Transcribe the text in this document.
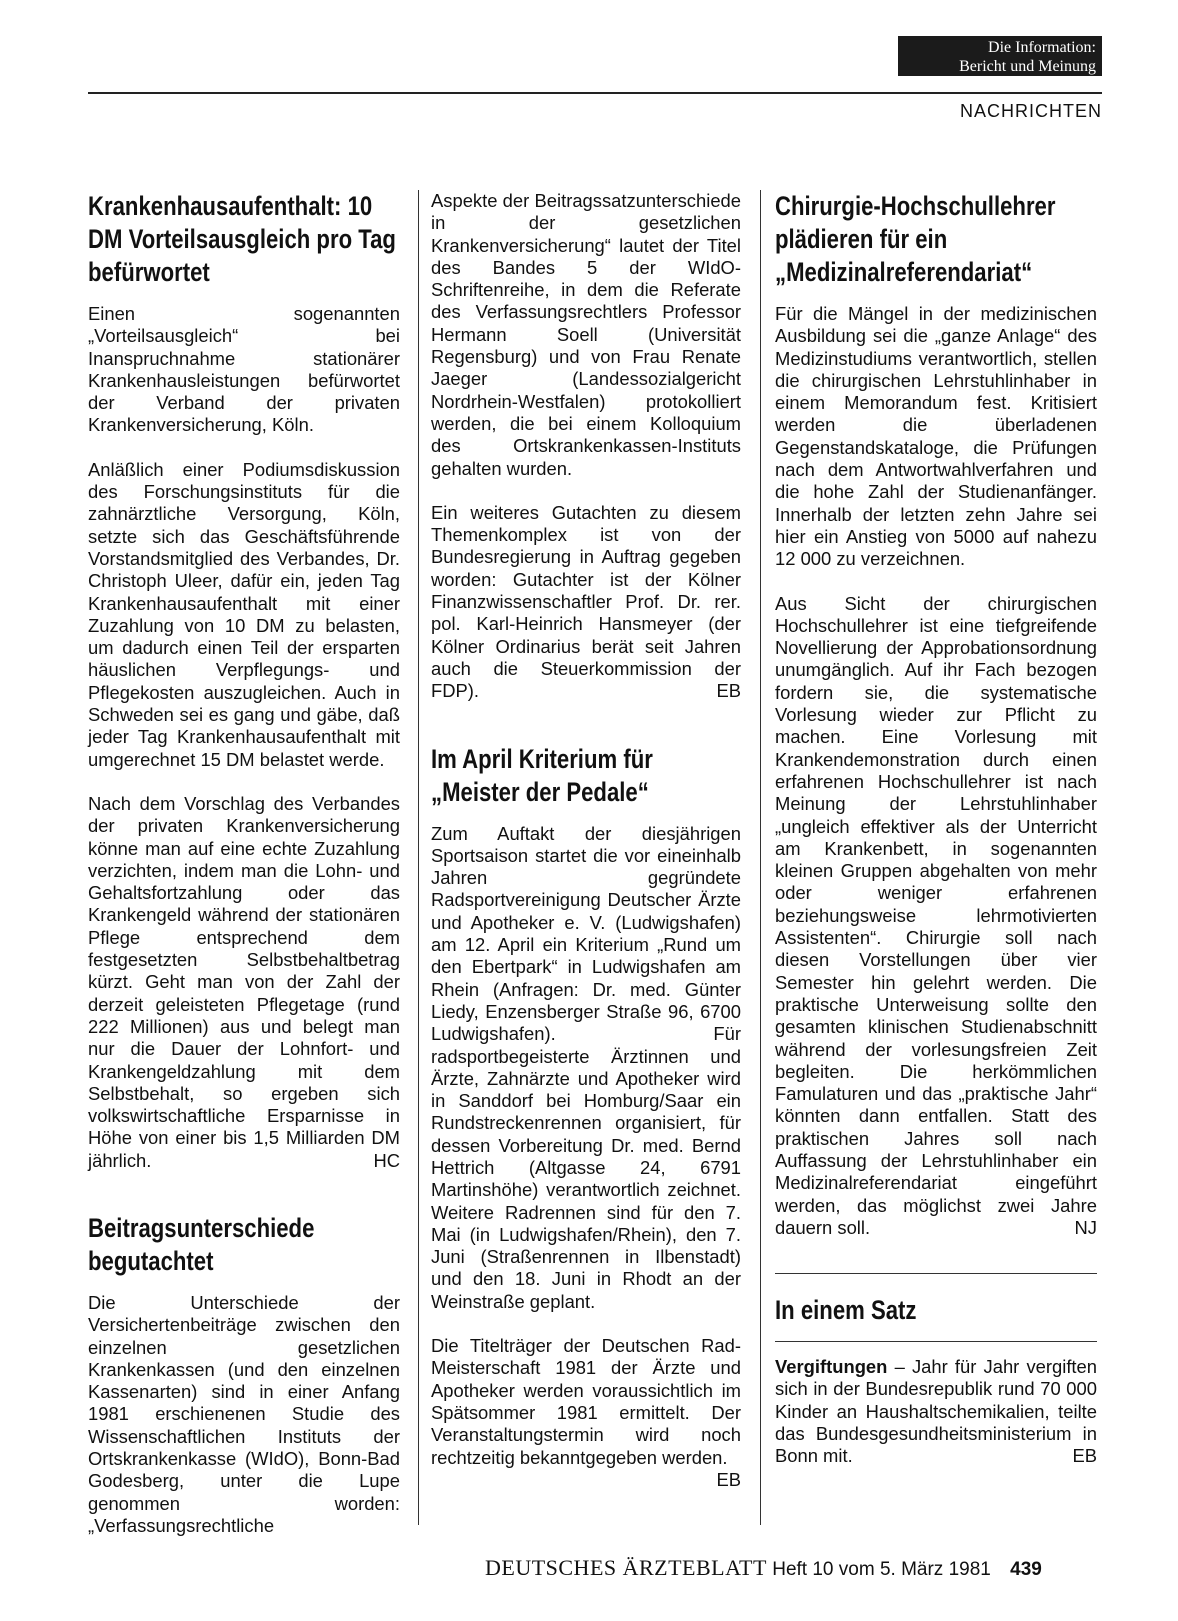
Die Information:
Bericht und Meinung
NACHRICHTEN
Krankenhausaufenthalt: 10 DM Vorteilsausgleich pro Tag befürwortet

Einen sogenannten „Vorteilsausgleich“ bei Inanspruchnahme stationärer Krankenhausleistungen befürwortet der Verband der privaten Krankenversicherung, Köln.

Anläßlich einer Podiumsdiskussion des Forschungsinstituts für die zahnärztliche Versorgung, Köln, setzte sich das Geschäftsführende Vorstandsmitglied des Verbandes, Dr. Christoph Uleer, dafür ein, jeden Tag Krankenhausaufenthalt mit einer Zuzahlung von 10 DM zu belasten, um dadurch einen Teil der ersparten häuslichen Verpflegungs- und Pflegekosten auszugleichen. Auch in Schweden sei es gang und gäbe, daß jeder Tag Krankenhausaufenthalt mit umgerechnet 15 DM belastet werde.

Nach dem Vorschlag des Verbandes der privaten Krankenversicherung könne man auf eine echte Zuzahlung verzichten, indem man die Lohn- und Gehaltsfortzahlung oder das Krankengeld während der stationären Pflege entsprechend dem festgesetzten Selbstbehaltbetrag kürzt. Geht man von der Zahl der derzeit geleisteten Pflegetage (rund 222 Millionen) aus und belegt man nur die Dauer der Lohnfort- und Krankengeldzahlung mit dem Selbstbehalt, so ergeben sich volkswirtschaftliche Ersparnisse in Höhe von einer bis 1,5 Milliarden DM jährlich.	HC

Beitragsunterschiede begutachtet

Die Unterschiede der Versichertenbeiträge zwischen den einzelnen gesetzlichen Krankenkassen (und den einzelnen Kassenarten) sind in einer Anfang 1981 erschienenen Studie des Wissenschaftlichen Instituts der Ortskrankenkasse (WIdO), Bonn-Bad Godesberg, unter die Lupe genommen worden: „Verfassungsrechtliche

Aspekte der Beitragssatzunterschiede in der gesetzlichen Krankenversicherung“ lautet der Titel des Bandes 5 der WIdO-Schriftenreihe, in dem die Referate des Verfassungsrechtlers Professor Hermann Soell (Universität Regensburg) und von Frau Renate Jaeger (Landessozialgericht Nordrhein-Westfalen) protokolliert werden, die bei einem Kolloquium des Ortskrankenkassen-Instituts gehalten wurden.

Ein weiteres Gutachten zu diesem Themenkomplex ist von der Bundesregierung in Auftrag gegeben worden: Gutachter ist der Kölner Finanzwissenschaftler Prof. Dr. rer. pol. Karl-Heinrich Hansmeyer (der Kölner Ordinarius berät seit Jahren auch die Steuerkommission der FDP).	EB

Im April Kriterium für „Meister der Pedale“

Zum Auftakt der diesjährigen Sportsaison startet die vor eineinhalb Jahren gegründete Radsportvereinigung Deutscher Ärzte und Apotheker e. V. (Ludwigshafen) am 12. April ein Kriterium „Rund um den Ebertpark“ in Ludwigshafen am Rhein (Anfragen: Dr. med. Günter Liedy, Enzensberger Straße 96, 6700 Ludwigshafen). Für radsportbegeisterte Ärztinnen und Ärzte, Zahnärzte und Apotheker wird in Sanddorf bei Homburg/Saar ein Rundstreckenrennen organisiert, für dessen Vorbereitung Dr. med. Bernd Hettrich (Altgasse 24, 6791 Martinshöhe) verantwortlich zeichnet. Weitere Radrennen sind für den 7. Mai (in Ludwigshafen/Rhein), den 7. Juni (Straßenrennen in Ilbenstadt) und den 18. Juni in Rhodt an der Weinstraße geplant.

Die Titelträger der Deutschen Rad-Meisterschaft 1981 der Ärzte und Apotheker werden voraussichtlich im Spätsommer 1981 ermittelt. Der Veranstaltungstermin wird noch rechtzeitig bekanntgegeben werden.
EB

Chirurgie-Hochschullehrer plädieren für ein „Medizinalreferendariat“

Für die Mängel in der medizinischen Ausbildung sei die „ganze Anlage“ des Medizinstudiums verantwortlich, stellen die chirurgischen Lehrstuhlinhaber in einem Memorandum fest. Kritisiert werden die überladenen Gegenstandskataloge, die Prüfungen nach dem Antwortwahlverfahren und die hohe Zahl der Studienanfänger. Innerhalb der letzten zehn Jahre sei hier ein Anstieg von 5000 auf nahezu 12 000 zu verzeichnen.

Aus Sicht der chirurgischen Hochschullehrer ist eine tiefgreifende Novellierung der Approbationsordnung unumgänglich. Auf ihr Fach bezogen fordern sie, die systematische Vorlesung wieder zur Pflicht zu machen. Eine Vorlesung mit Krankendemonstration durch einen erfahrenen Hochschullehrer ist nach Meinung der Lehrstuhlinhaber „ungleich effektiver als der Unterricht am Krankenbett, in sogenannten kleinen Gruppen abgehalten von mehr oder weniger erfahrenen beziehungsweise lehrmotivierten Assistenten“. Chirurgie soll nach diesen Vorstellungen über vier Semester hin gelehrt werden. Die praktische Unterweisung sollte den gesamten klinischen Studienabschnitt während der vorlesungsfreien Zeit begleiten. Die herkömmlichen Famulaturen und das „praktische Jahr“ könnten dann entfallen. Statt des praktischen Jahres soll nach Auffassung der Lehrstuhlinhaber ein Medizinalreferendariat eingeführt werden, das möglichst zwei Jahre dauern soll.	NJ

In einem Satz

Vergiftungen – Jahr für Jahr vergiften sich in der Bundesrepublik rund 70 000 Kinder an Haushaltschemikalien, teilte das Bundesgesundheitsministerium in Bonn mit.	EB

DEUTSCHES ÄRZTEBLATT Heft 10 vom 5. März 1981 439
